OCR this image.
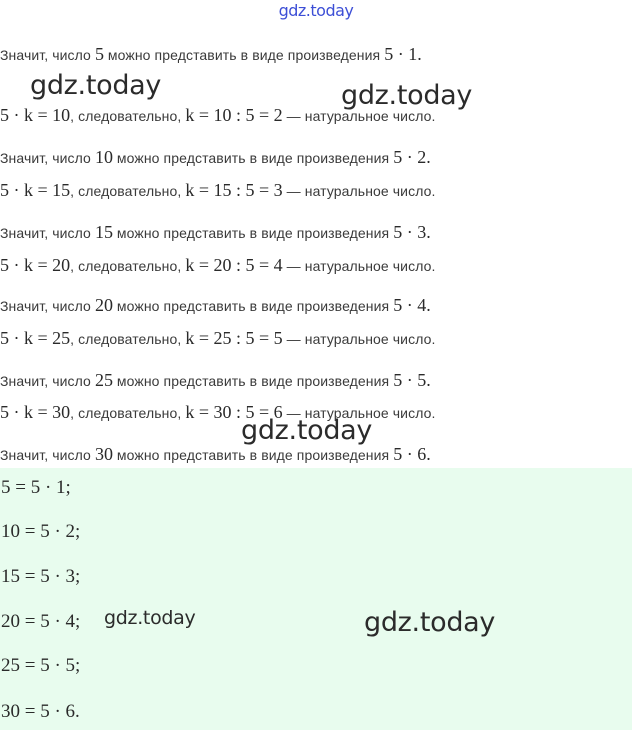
gdz.today
Значит, число 5 можно представить в виде произведения 5 · 1.
5 · k = 10, следовательно, k = 10 : 5 = 2 — натуральное число.
Значит, число 10 можно представить в виде произведения 5 · 2.
5 · k = 15, следовательно, k = 15 : 5 = 3 — натуральное число.
Значит, число 15 можно представить в виде произведения 5 · 3.
5 · k = 20, следовательно, k = 20 : 5 = 4 — натуральное число.
Значит, число 20 можно представить в виде произведения 5 · 4.
5 · k = 25, следовательно, k = 25 : 5 = 5 — натуральное число.
Значит, число 25 можно представить в виде произведения 5 · 5.
5 · k = 30, следовательно, k = 30 : 5 = 6 — натуральное число.
Значит, число 30 можно представить в виде произведения 5 · 6.
5 = 5 · 1;
10 = 5 · 2;
15 = 5 · 3;
20 = 5 · 4;
25 = 5 · 5;
30 = 5 · 6.
gdz.today	gdz.today
gdz.today
gdz.today	gdz.today
